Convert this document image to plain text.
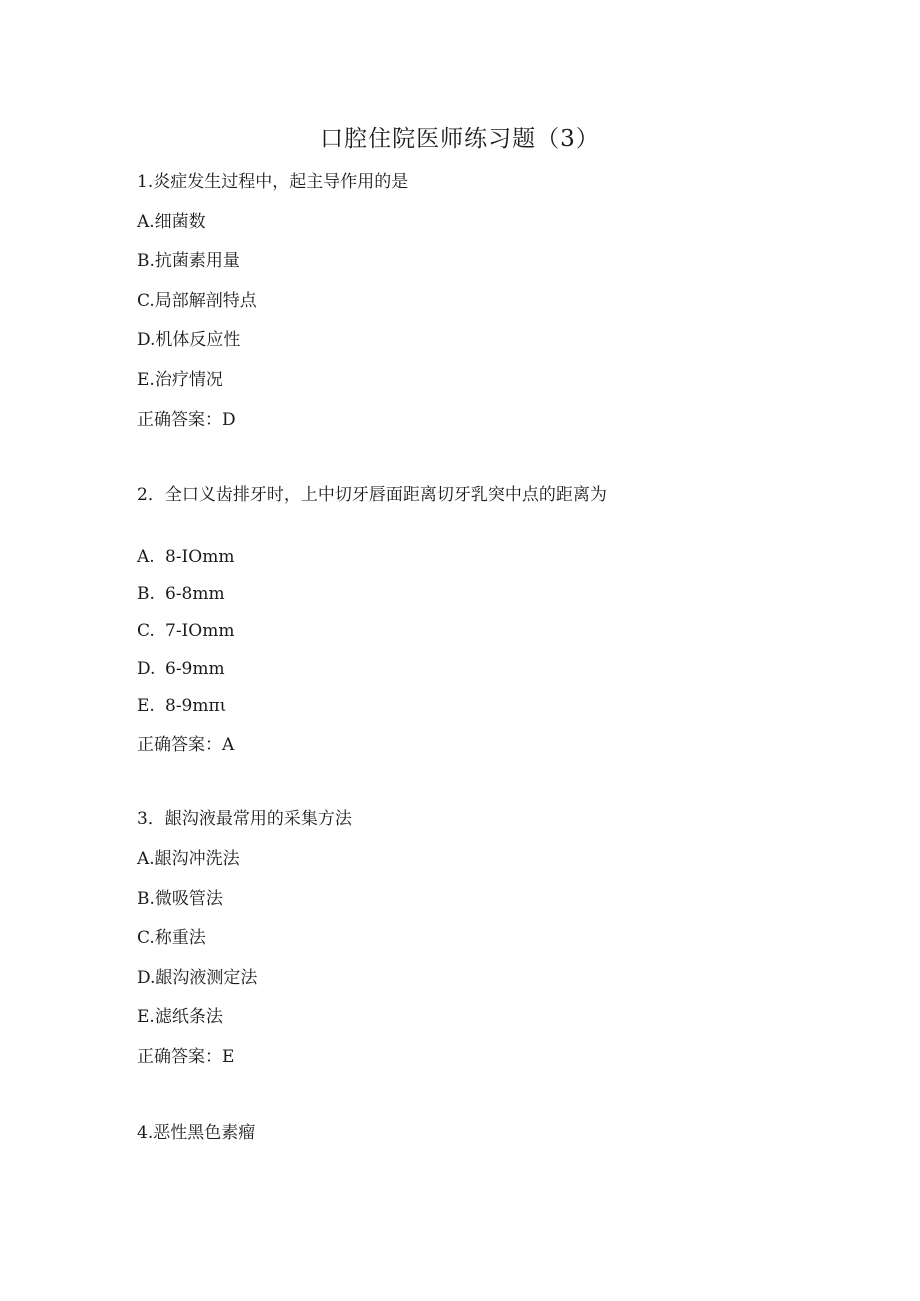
口腔住院医师练习题（3）
1.炎症发生过程中，起主导作用的是
A.细菌数
B.抗菌素用量
C.局部解剖特点
D.机体反应性
E.治疗情况
正确答案：D
2．全口义齿排牙时，上中切牙唇面距离切牙乳突中点的距离为
A. 8-IOmm
B. 6-8mm
C. 7-IOmm
D. 6-9mm
E. 8-9mπι
正确答案：A
3．龈沟液最常用的采集方法
A.龈沟冲洗法
B.微吸管法
C.称重法
D.龈沟液测定法
E.滤纸条法
正确答案：E
4.恶性黑色素瘤
